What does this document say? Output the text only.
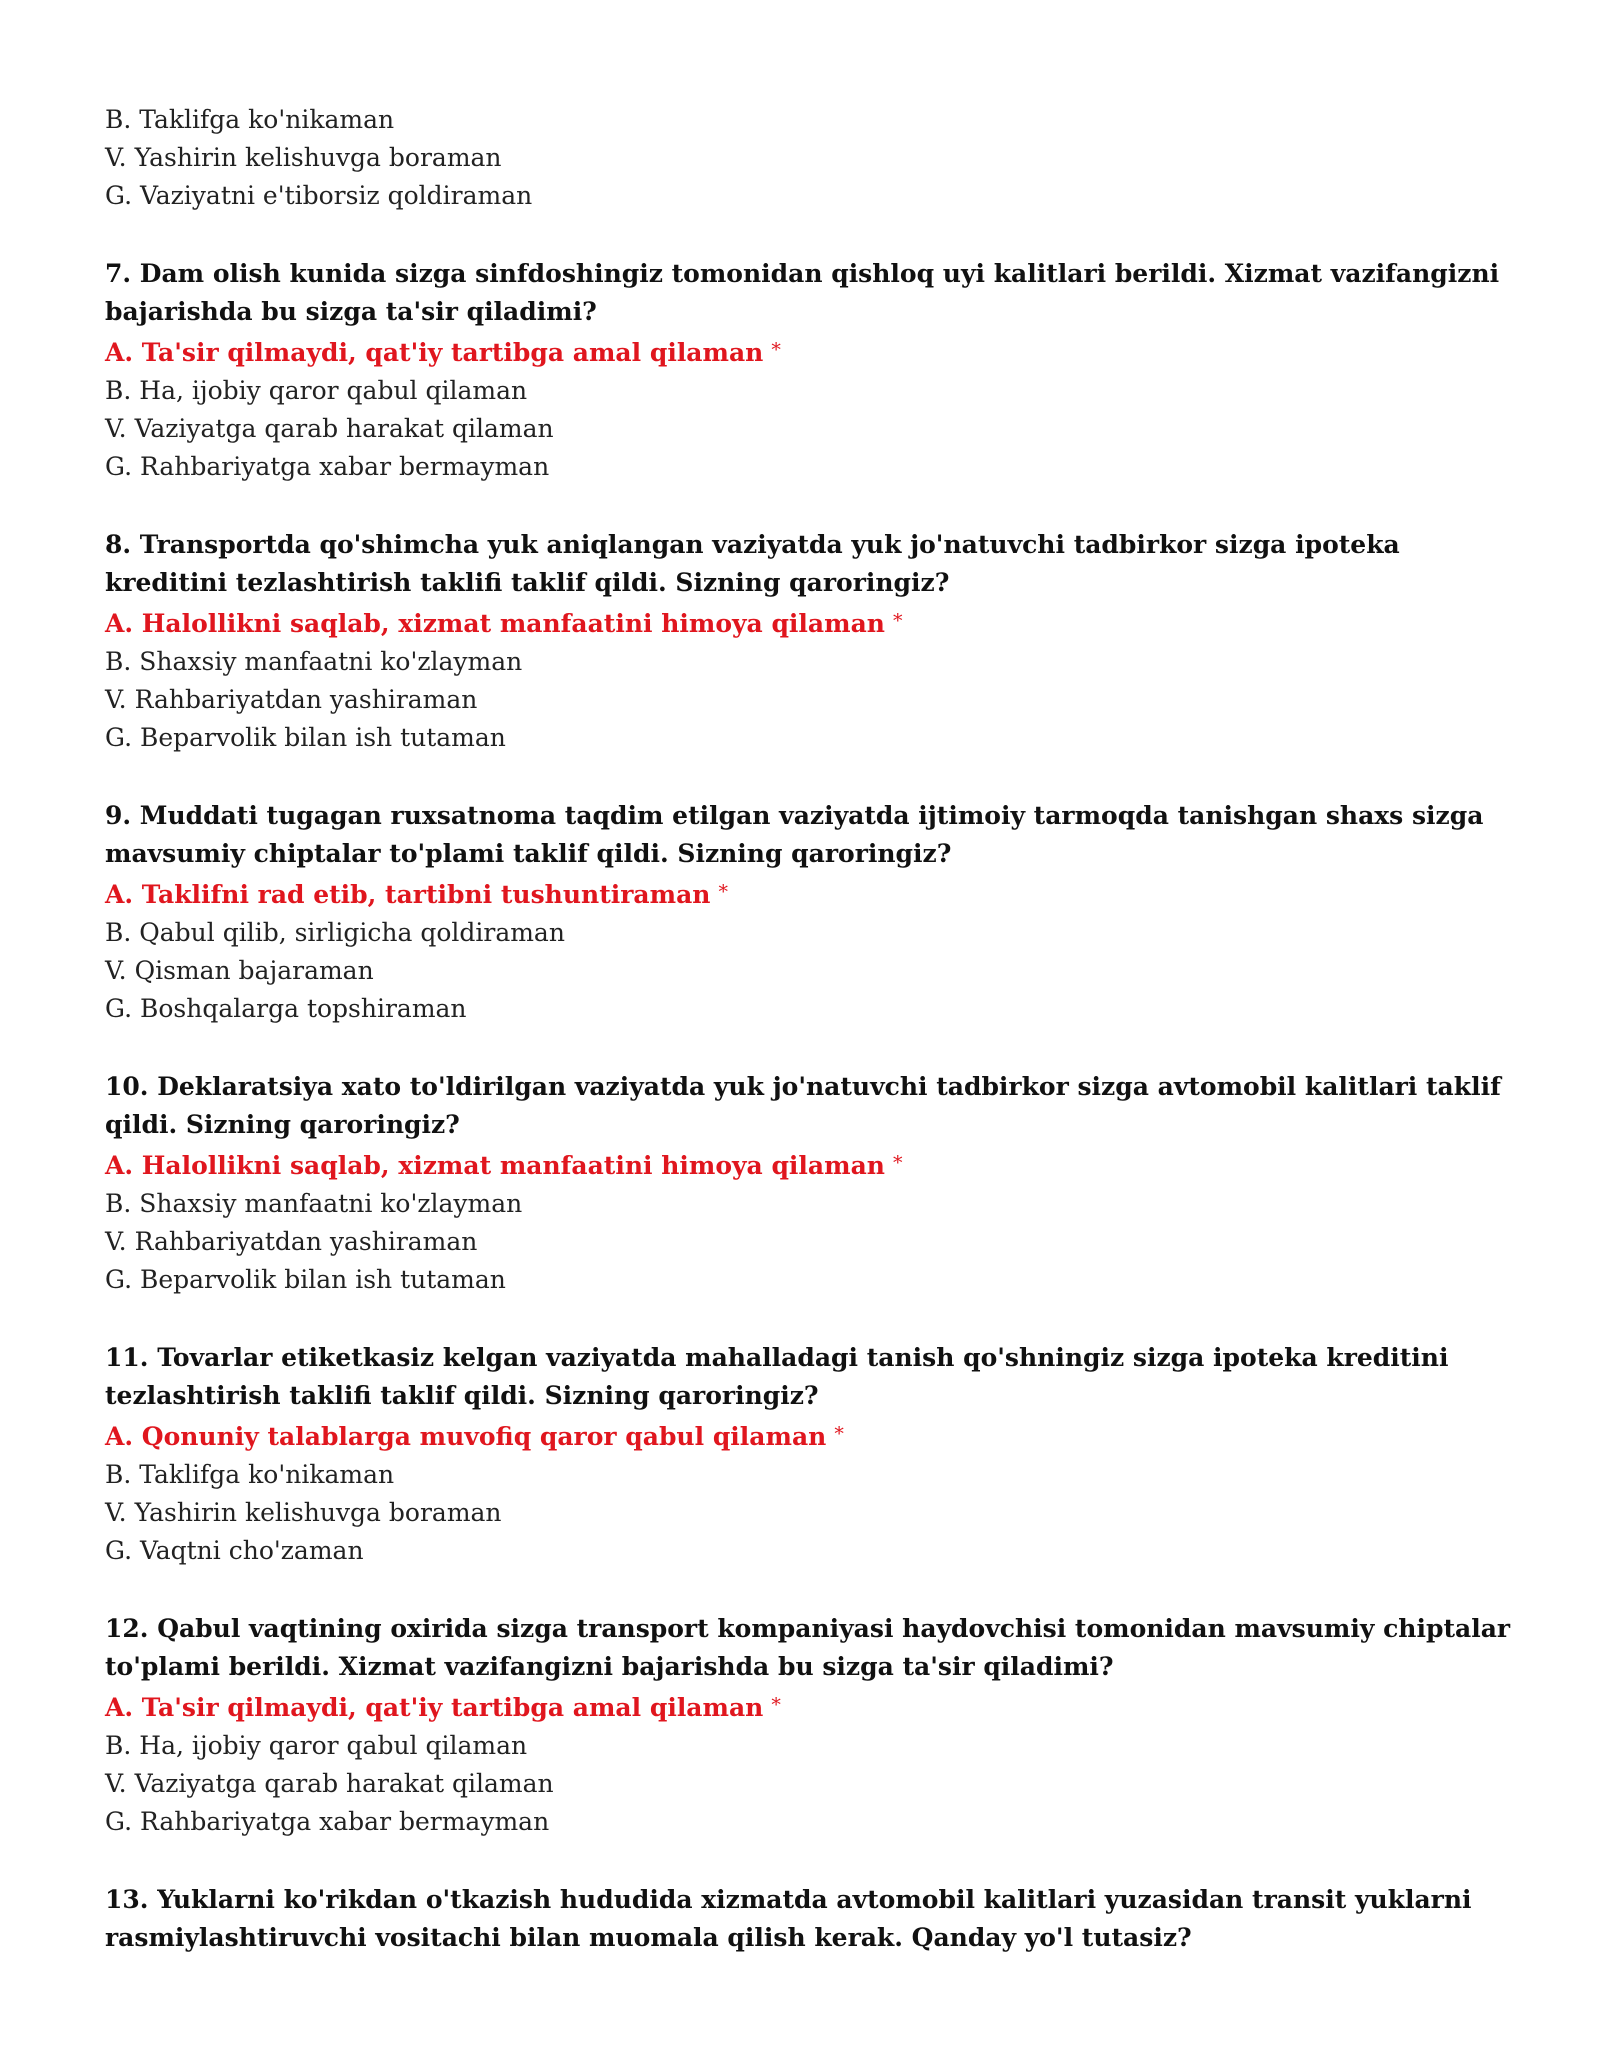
B. Taklifga ko'nikaman

V. Yashirin kelishuvga boraman

G. Vaziyatni e'tiborsiz qoldiraman

7. Dam olish kunida sizga sinfdoshingiz tomonidan qishloq uyi kalitlari berildi. Xizmat vazifangizni bajarishda bu sizga ta'sir qiladimi?

A. Ta'sir qilmaydi, qat'iy tartibga amal qilaman *

B. Ha, ijobiy qaror qabul qilaman

V. Vaziyatga qarab harakat qilaman

G. Rahbariyatga xabar bermayman

8. Transportda qo'shimcha yuk aniqlangan vaziyatda yuk jo'natuvchi tadbirkor sizga ipoteka kreditini tezlashtirish taklifi taklif qildi. Sizning qaroringiz?

A. Halollikni saqlab, xizmat manfaatini himoya qilaman *

B. Shaxsiy manfaatni ko'zlayman

V. Rahbariyatdan yashiraman

G. Beparvolik bilan ish tutaman

9. Muddati tugagan ruxsatnoma taqdim etilgan vaziyatda ijtimoiy tarmoqda tanishgan shaxs sizga mavsumiy chiptalar to'plami taklif qildi. Sizning qaroringiz?

A. Taklifni rad etib, tartibni tushuntiraman *

B. Qabul qilib, sirligicha qoldiraman

V. Qisman bajaraman

G. Boshqalarga topshiraman

10. Deklaratsiya xato to'ldirilgan vaziyatda yuk jo'natuvchi tadbirkor sizga avtomobil kalitlari taklif qildi. Sizning qaroringiz?

A. Halollikni saqlab, xizmat manfaatini himoya qilaman *

B. Shaxsiy manfaatni ko'zlayman

V. Rahbariyatdan yashiraman

G. Beparvolik bilan ish tutaman

11. Tovarlar etiketkasiz kelgan vaziyatda mahalladagi tanish qo'shningiz sizga ipoteka kreditini tezlashtirish taklifi taklif qildi. Sizning qaroringiz?

A. Qonuniy talablarga muvofiq qaror qabul qilaman *

B. Taklifga ko'nikaman

V. Yashirin kelishuvga boraman

G. Vaqtni cho'zaman

12. Qabul vaqtining oxirida sizga transport kompaniyasi haydovchisi tomonidan mavsumiy chiptalar to'plami berildi. Xizmat vazifangizni bajarishda bu sizga ta'sir qiladimi?

A. Ta'sir qilmaydi, qat'iy tartibga amal qilaman *

B. Ha, ijobiy qaror qabul qilaman

V. Vaziyatga qarab harakat qilaman

G. Rahbariyatga xabar bermayman

13. Yuklarni ko'rikdan o'tkazish hududida xizmatda avtomobil kalitlari yuzasidan transit yuklarni rasmiylashtiruvchi vositachi bilan muomala qilish kerak. Qanday yo'l tutasiz?
